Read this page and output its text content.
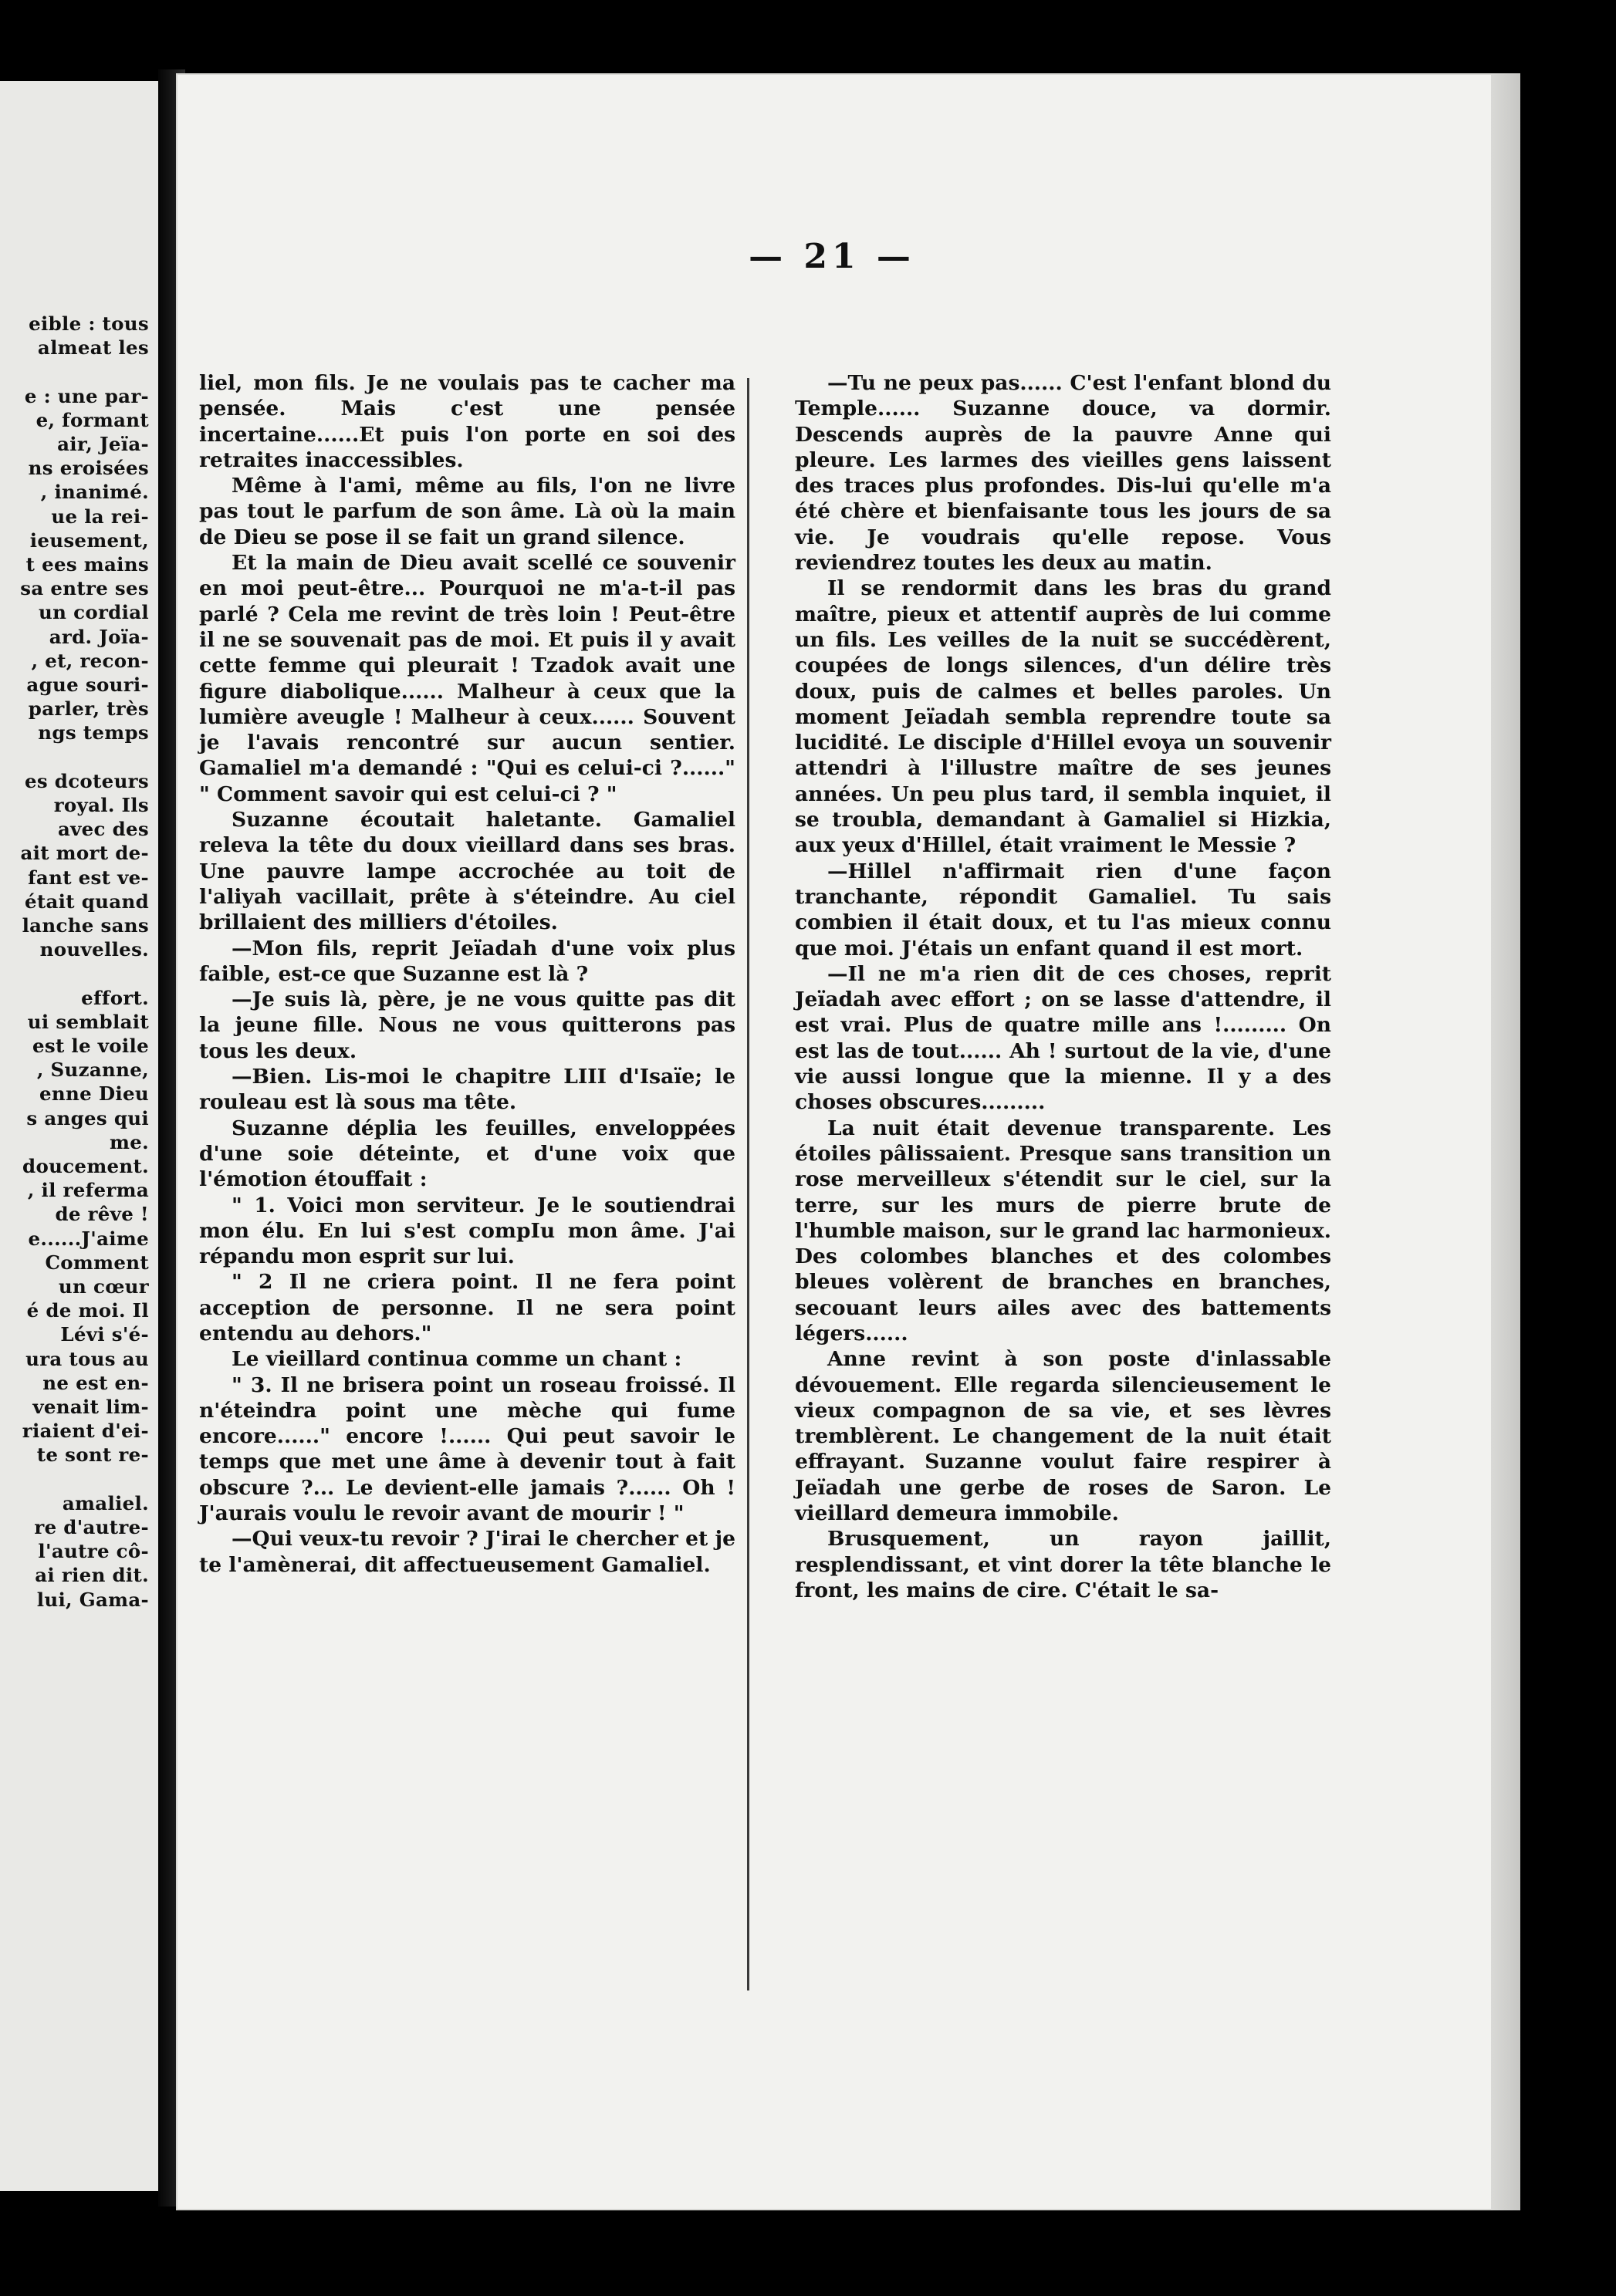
eible : tous
almeat les
e : une par-
e, formant
air, Jeïa-
ns eroisées
, inanimé.
ue la rei-
ieusement,
t ees mains
sa entre ses
un cordial
ard. Joïa-
, et, recon-
ague souri-
parler, très
ngs temps
es dcoteurs
royal. Ils
avec des
ait mort de-
fant est ve-
était quand
lanche sans
nouvelles.
effort.
ui semblait
est le voile
, Suzanne,
enne Dieu
s anges qui
me.
doucement.
, il referma
de rêve !
e......J'aime
Comment
un cœur
é de moi. Il
Lévi s'é-
ura tous au
ne est en-
venait lim-
riaient d'ei-
te sont re-
amaliel.
re d'autre-
l'autre cô-
ai rien dit.
lui, Gama-
— 21 —

liel, mon fils. Je ne voulais pas te cacher ma pensée. Mais c'est une pensée incertaine......Et puis l'on porte en soi des retraites inaccessibles.

Même à l'ami, même au fils, l'on ne livre pas tout le parfum de son âme. Là où la main de Dieu se pose il se fait un grand silence.

Et la main de Dieu avait scellé ce souvenir en moi peut-être... Pourquoi ne m'a-t-il pas parlé ? Cela me revint de très loin ! Peut-être il ne se souvenait pas de moi. Et puis il y avait cette femme qui pleurait ! Tzadok avait une figure diabolique...... Malheur à ceux que la lumière aveugle ! Malheur à ceux...... Souvent je l'avais rencontré sur aucun sentier. Gamaliel m'a demandé : "Qui es celui-ci ?......" " Comment savoir qui est celui-ci ? "

Suzanne écoutait haletante. Gamaliel releva la tête du doux vieillard dans ses bras. Une pauvre lampe accrochée au toit de l'aliyah vacillait, prête à s'éteindre. Au ciel brillaient des milliers d'étoiles.

—Mon fils, reprit Jeïadah d'une voix plus faible, est-ce que Suzanne est là ?

—Je suis là, père, je ne vous quitte pas dit la jeune fille. Nous ne vous quitterons pas tous les deux.

—Bien. Lis-moi le chapitre LIII d'Isaïe; le rouleau est là sous ma tête.

Suzanne déplia les feuilles, enveloppées d'une soie déteinte, et d'une voix que l'émotion étouffait :

" 1. Voici mon serviteur. Je le soutiendrai mon élu. En lui s'est compIu mon âme. J'ai répandu mon esprit sur lui.

" 2 Il ne criera point. Il ne fera point acception de personne. Il ne sera point entendu au dehors."

Le vieillard continua comme un chant :

" 3. Il ne brisera point un roseau froissé. Il n'éteindra point une mèche qui fume encore......" encore !...... Qui peut savoir le temps que met une âme à devenir tout à fait obscure ?... Le devient-elle jamais ?...... Oh ! J'aurais voulu le revoir avant de mourir ! "

—Qui veux-tu revoir ? J'irai le chercher et je te l'amènerai, dit affectueusement Gamaliel.

—Tu ne peux pas...... C'est l'enfant blond du Temple...... Suzanne douce, va dormir. Descends auprès de la pauvre Anne qui pleure. Les larmes des vieilles gens laissent des traces plus profondes. Dis-lui qu'elle m'a été chère et bienfaisante tous les jours de sa vie. Je voudrais qu'elle repose. Vous reviendrez toutes les deux au matin.

Il se rendormit dans les bras du grand maître, pieux et attentif auprès de lui comme un fils. Les veilles de la nuit se succédèrent, coupées de longs silences, d'un délire très doux, puis de calmes et belles paroles. Un moment Jeïadah sembla reprendre toute sa lucidité. Le disciple d'Hillel evoya un souvenir attendri à l'illustre maître de ses jeunes années. Un peu plus tard, il sembla inquiet, il se troubla, demandant à Gamaliel si Hizkia, aux yeux d'Hillel, était vraiment le Messie ?

—Hillel n'affirmait rien d'une façon tranchante, répondit Gamaliel. Tu sais combien il était doux, et tu l'as mieux connu que moi. J'étais un enfant quand il est mort.

—Il ne m'a rien dit de ces choses, reprit Jeïadah avec effort ; on se lasse d'attendre, il est vrai. Plus de quatre mille ans !......... On est las de tout...... Ah ! surtout de la vie, d'une vie aussi longue que la mienne. Il y a des choses obscures.........

La nuit était devenue transparente. Les étoiles pâlissaient. Presque sans transition un rose merveilleux s'étendit sur le ciel, sur la terre, sur les murs de pierre brute de l'humble maison, sur le grand lac harmonieux. Des colombes blanches et des colombes bleues volèrent de branches en branches, secouant leurs ailes avec des battements légers......

Anne revint à son poste d'inlassable dévouement. Elle regarda silencieusement le vieux compagnon de sa vie, et ses lèvres tremblèrent. Le changement de la nuit était effrayant. Suzanne voulut faire respirer à Jeïadah une gerbe de roses de Saron. Le vieillard demeura immobile.

Brusquement, un rayon jaillit, resplendissant, et vint dorer la tête blanche le front, les mains de cire. C'était le sa-
